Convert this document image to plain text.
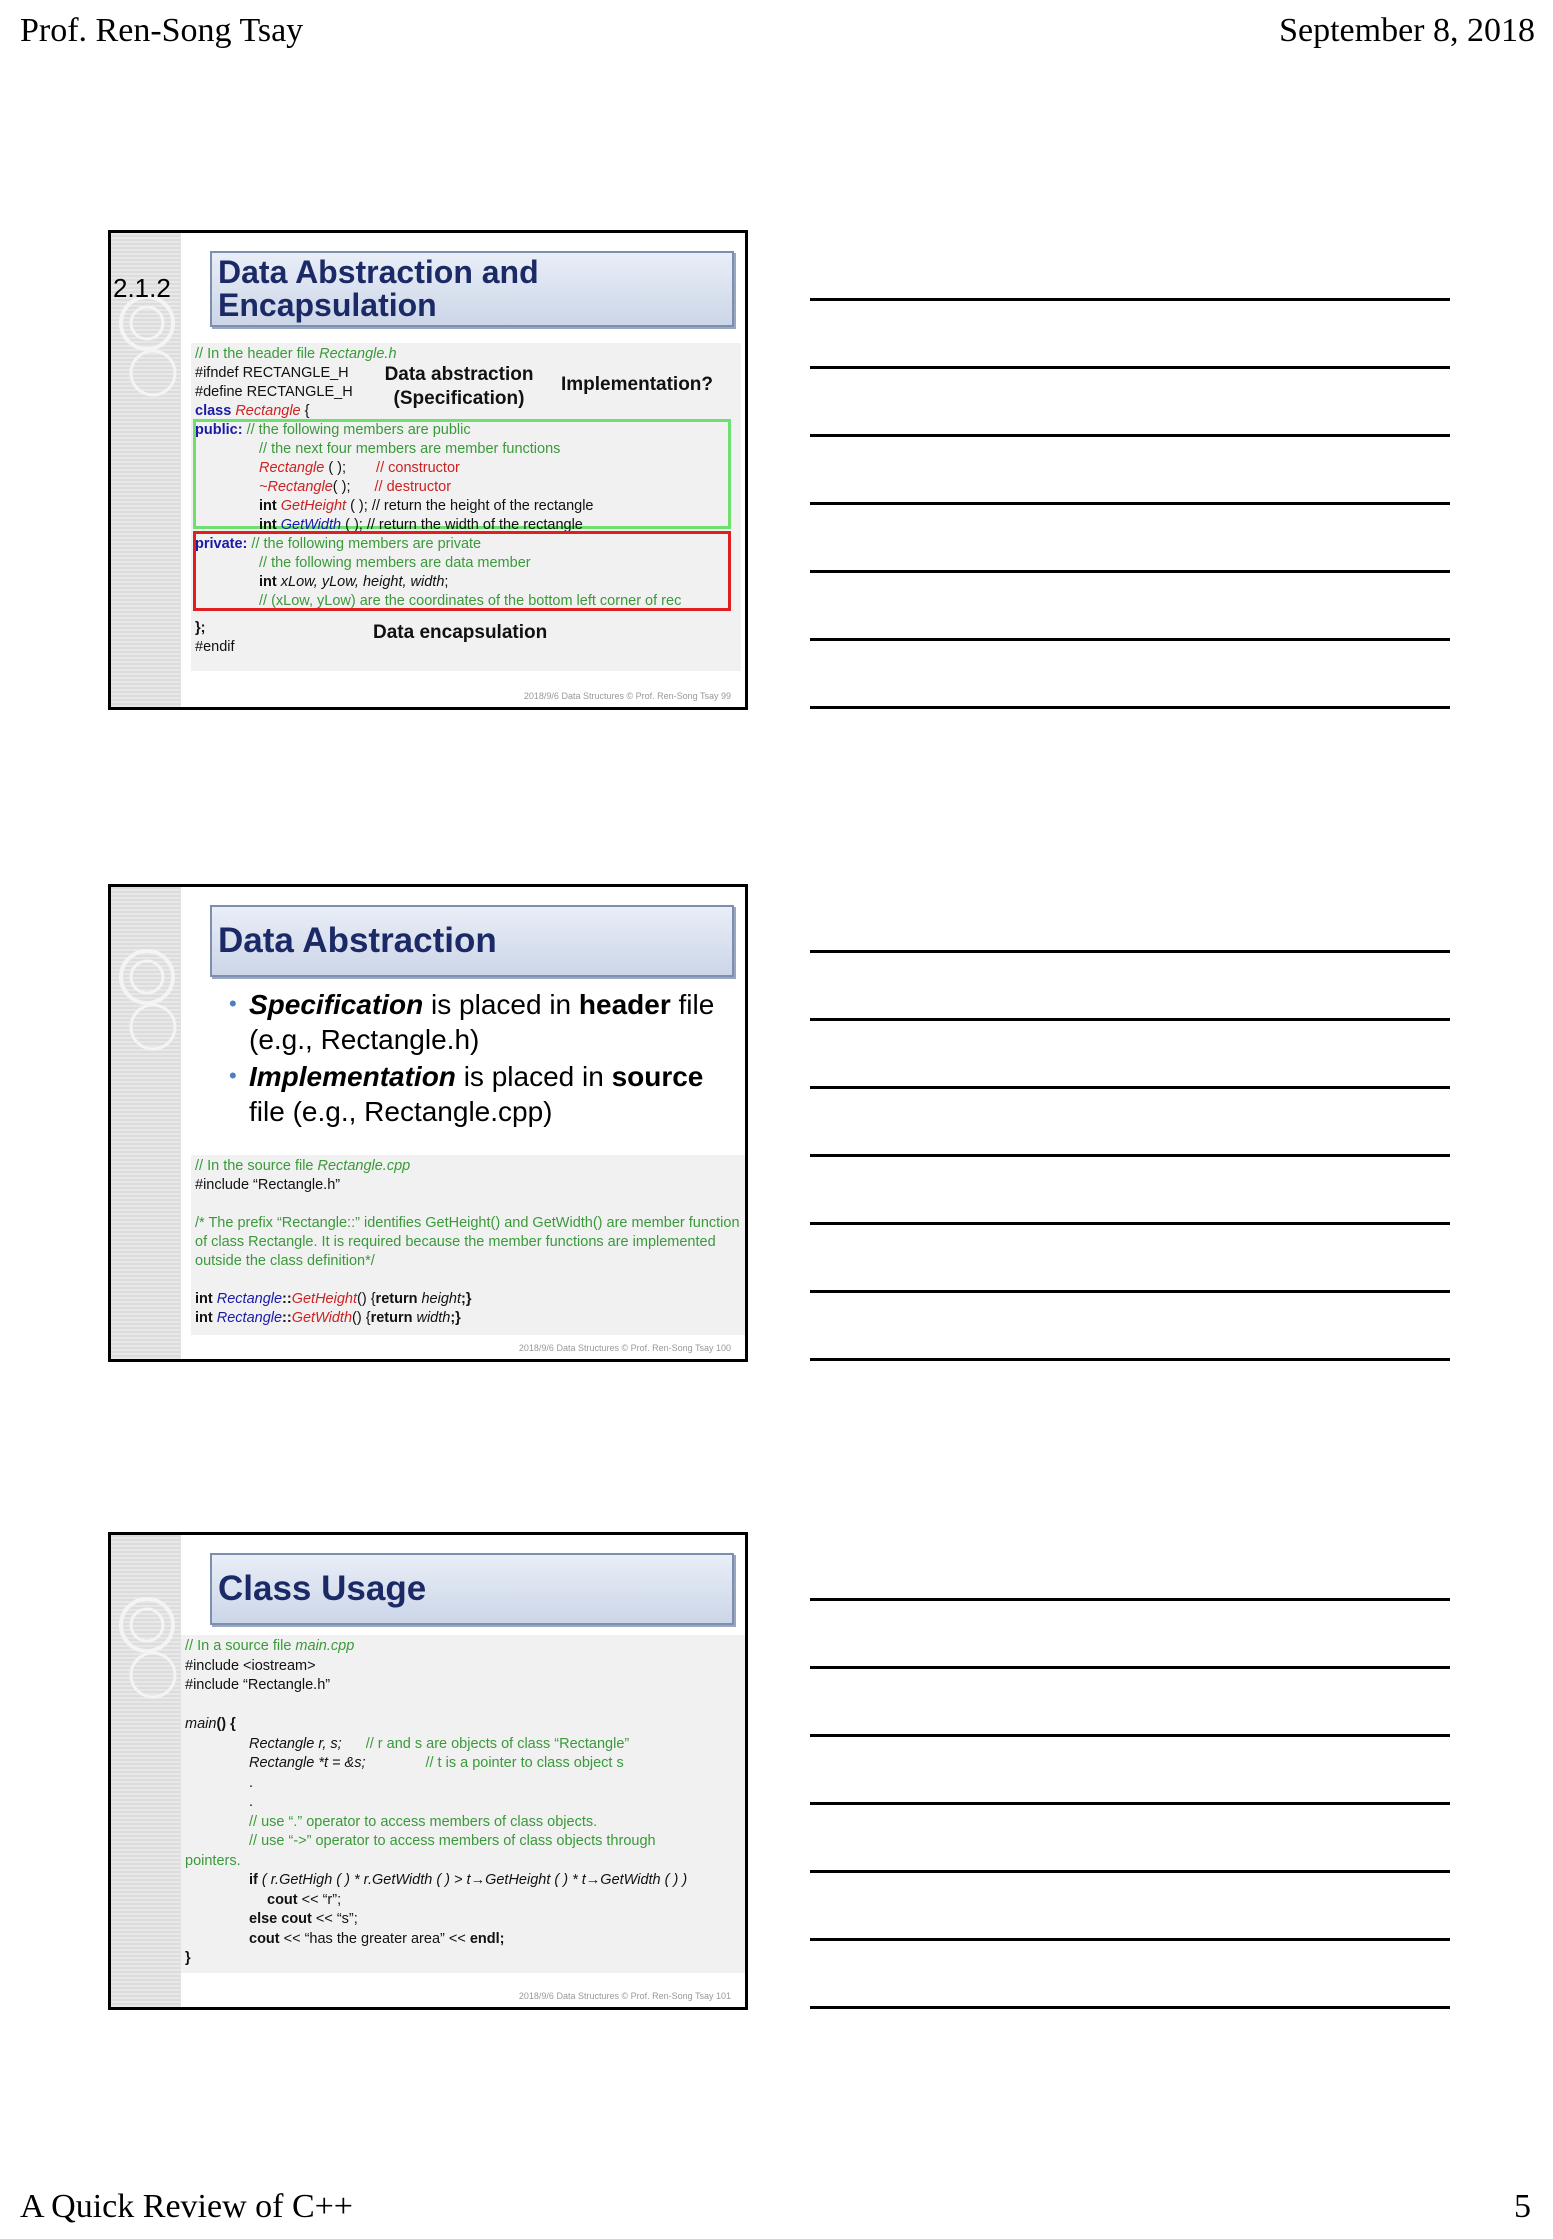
Prof. Ren-Song Tsay	September 8, 2018
2.1.2 Data Abstraction and
Encapsulation
// In the header file Rectangle.h
#ifndef RECTANGLE_H
#define RECTANGLE_H
class Rectangle {
public: // the following members are public
// the next four members are member functions
Rectangle ( ); // constructor
~Rectangle( ); // destructor
int GetHeight ( ); // return the height of the rectangle
int GetWidth ( ); // return the width of the rectangle
private: // the following members are private
// the following members are data member
int xLow, yLow, height, width;
// (xLow, yLow) are the coordinates of the bottom left corner of rec
};
#endif
Data abstraction
(Specification)
Implementation?
Data encapsulation
2018/9/6 Data Structures © Prof. Ren-Song Tsay 99
Data Abstraction
• Specification is placed in header file
(e.g., Rectangle.h)
• Implementation is placed in source
file (e.g., Rectangle.cpp)
// In the source file Rectangle.cpp
#include “Rectangle.h”
/* The prefix “Rectangle::” identifies GetHeight() and GetWidth() are member function of class Rectangle. It is required because the member functions are implemented outside the class definition*/
int Rectangle::GetHeight() {return height;}
int Rectangle::GetWidth() {return width;}
2018/9/6 Data Structures © Prof. Ren-Song Tsay 100
Class Usage
// In a source file main.cpp
#include <iostream>
#include “Rectangle.h”
main() {
Rectangle r, s; // r and s are objects of class “Rectangle”
Rectangle *t = &s;	// t is a pointer to class object s
.
.
// use “.” operator to access members of class objects.
// use “->” operator to access members of class objects through
pointers.
if ( r.GetHigh ( ) * r.GetWidth ( ) > t→GetHeight ( ) * t→GetWidth ( ) )
cout << “r”;
else cout << “s”;
cout << “has the greater area” << endl;
}
2018/9/6 Data Structures © Prof. Ren-Song Tsay 101
A Quick Review of C++	5
